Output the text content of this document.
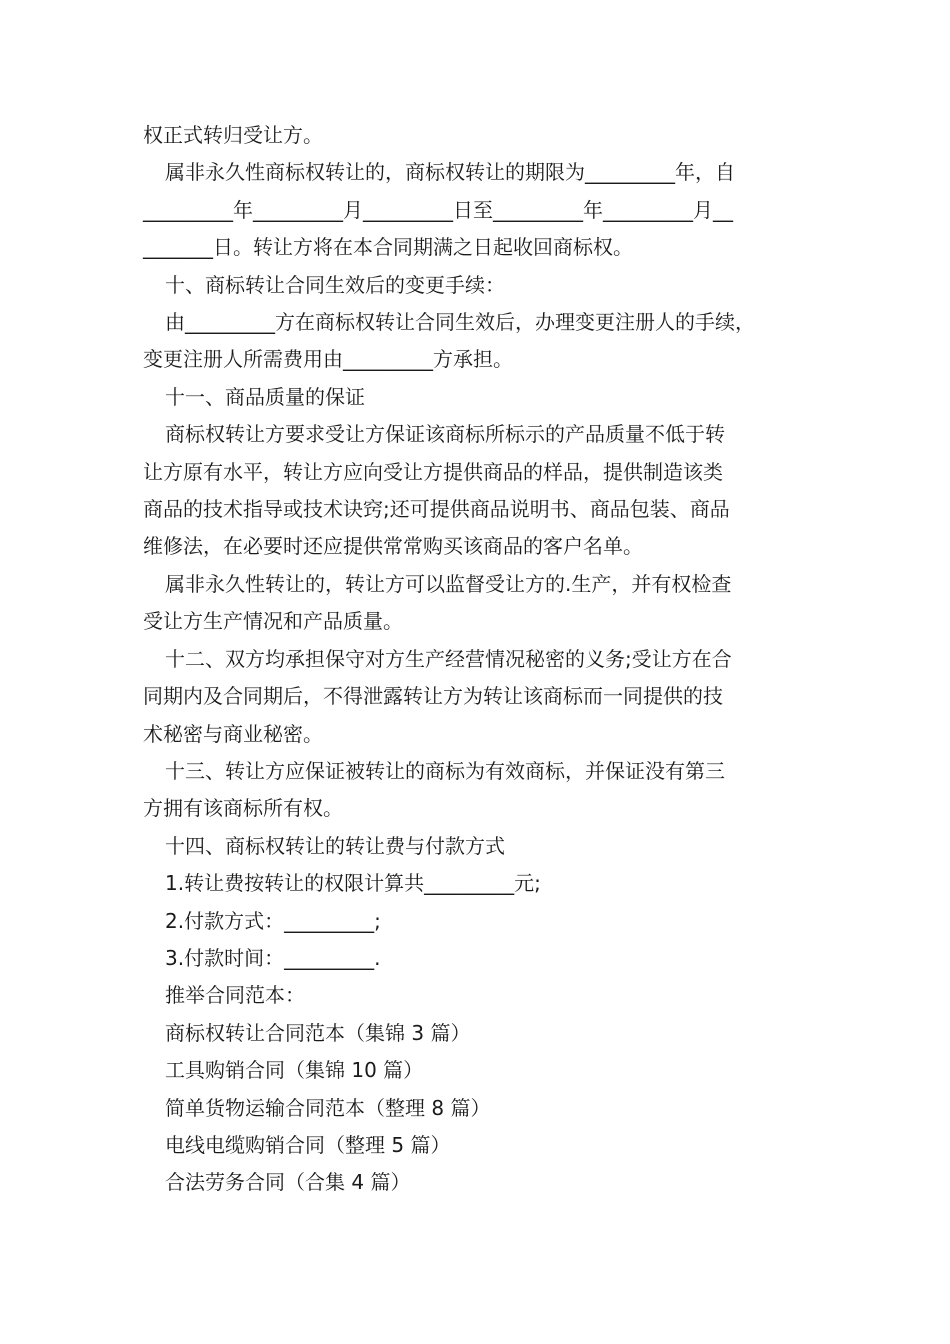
权正式转归受让方。

属非永久性商标权转让的，商标权转让的期限为_________年，自

_________年_________月_________日至_________年_________月__

_______日。转让方将在本合同期满之日起收回商标权。

十、商标转让合同生效后的变更手续：

由_________方在商标权转让合同生效后，办理变更注册人的手续，

变更注册人所需费用由_________方承担。

十一、商品质量的保证

商标权转让方要求受让方保证该商标所标示的产品质量不低于转

让方原有水平，转让方应向受让方提供商品的样品，提供制造该类

商品的技术指导或技术诀窍;还可提供商品说明书、商品包装、商品

维修法，在必要时还应提供常常购买该商品的客户名单。

属非永久性转让的，转让方可以监督受让方的.生产，并有权检查

受让方生产情况和产品质量。

十二、双方均承担保守对方生产经营情况秘密的义务;受让方在合

同期内及合同期后，不得泄露转让方为转让该商标而一同提供的技

术秘密与商业秘密。

十三、转让方应保证被转让的商标为有效商标，并保证没有第三

方拥有该商标所有权。

十四、商标权转让的转让费与付款方式

1.转让费按转让的权限计算共_________元;

2.付款方式：_________;

3.付款时间：_________.

推举合同范本：

商标权转让合同范本（集锦 3 篇）

工具购销合同（集锦 10 篇）

简单货物运输合同范本（整理 8 篇）

电线电缆购销合同（整理 5 篇）

合法劳务合同（合集 4 篇）
